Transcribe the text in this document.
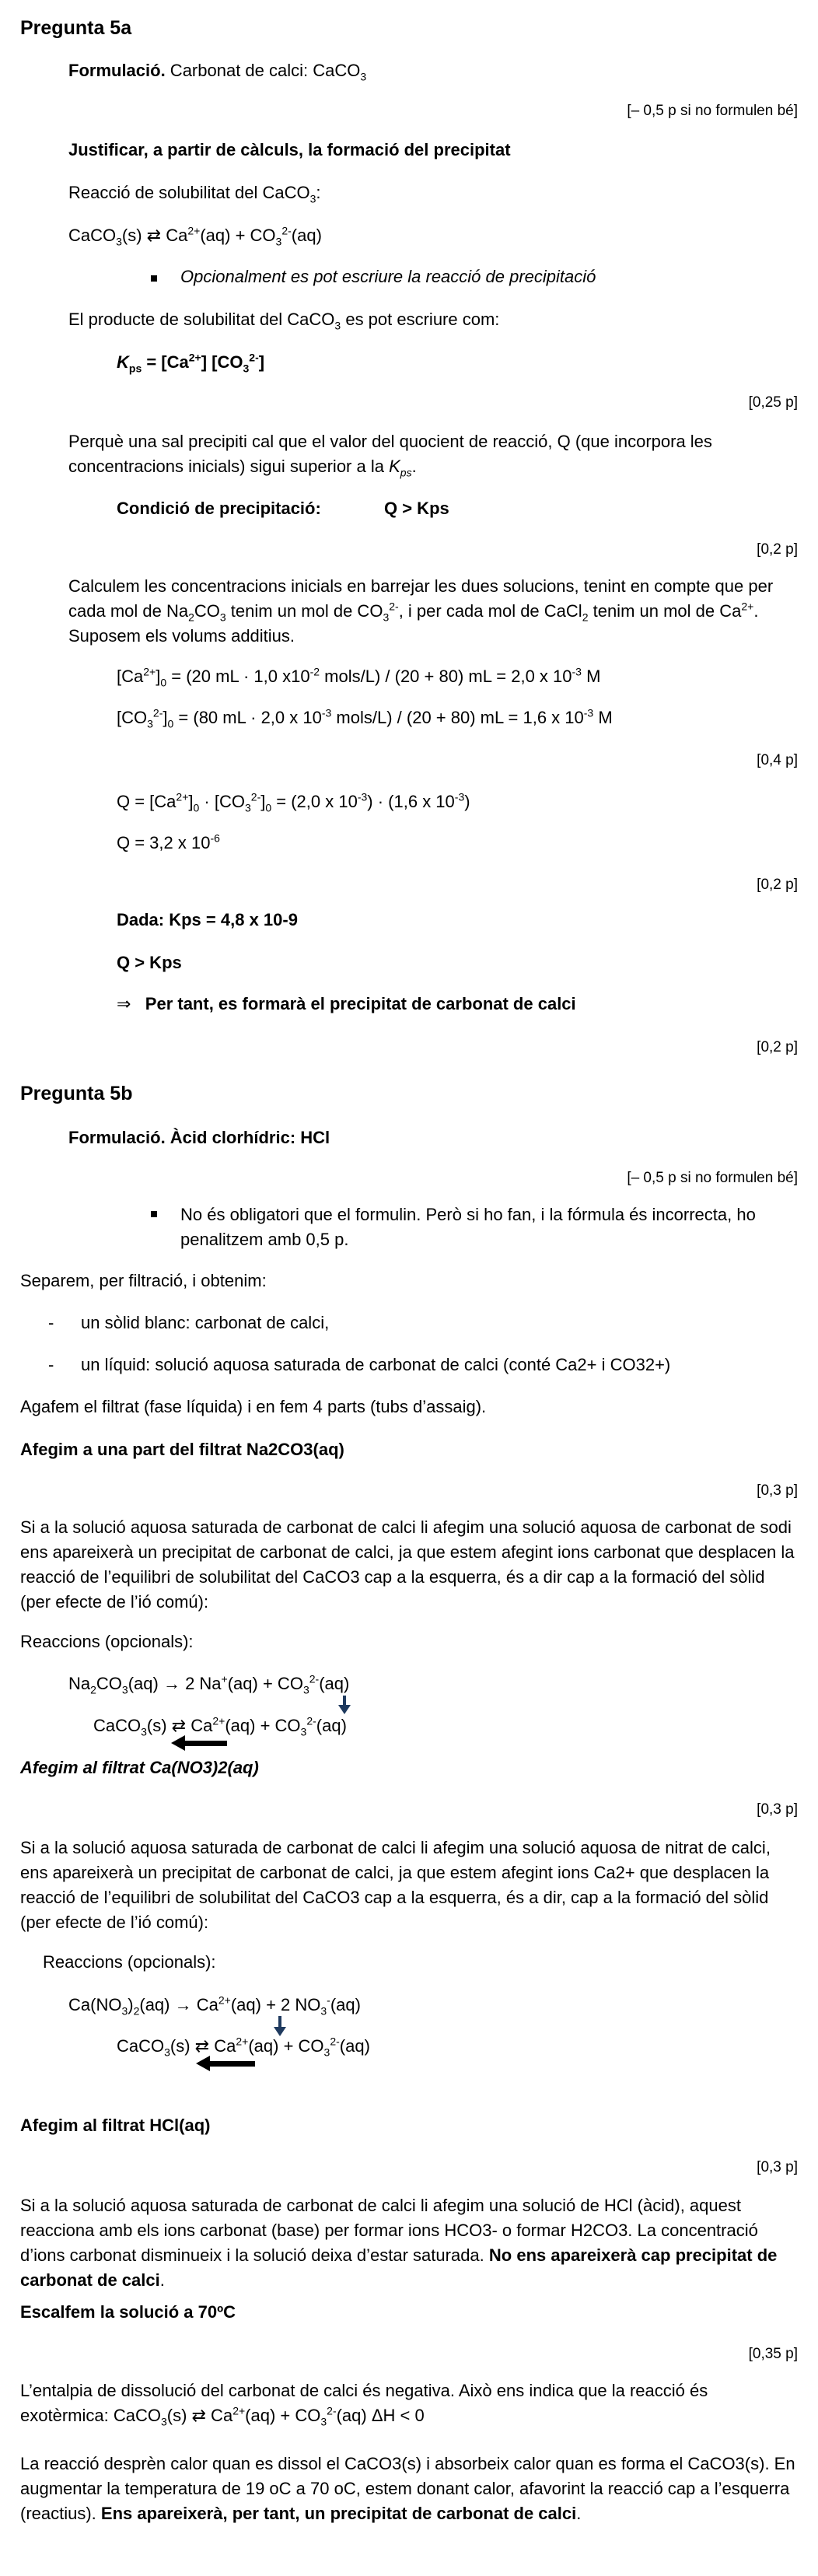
Pregunta 5a
Formulació. Carbonat de calci: CaCO$_3$
[– 0,5 p si no formulen bé]
Justificar, a partir de càlculs, la formació del precipitat
Reacció de solubilitat del CaCO$_3$:
CaCO$_3$(s) ⇄ $Ca^{2+}(aq) + CO_3^{2-}(aq)$
Opcionalment es pot escriure la reacció de precipitació
El producte de solubilitat del CaCO$_3$ es pot escriure com:
$K_{ps} = [Ca^{2+}]$ $[CO_3^{2-}]$
[0,25 p]
Perquè una sal precipiti cal que el valor del quocient de reacció, Q (que incorpora les concentracions inicials) sigui superior a la $K_{ps}$.
Condició de precipitació:	Q > Kps
[0,2 p]
Calculem les concentracions inicials en barrejar les dues solucions, tenint en compte que per cada mol de $Na_2CO_3$ tenim un mol de $CO_3^{2-}$, i per cada mol de CaCl$_2$ tenim un mol de $Ca^{2+}$. Suposem els volums additius.
$[Ca^{2+}]_0 = (20$ mL · 1,0 $x10^{-2}$ mols/L) / (20 + 80) mL = 2,0 x $10^{-3}$ M
$[CO_3^{2-}]_0 = (80$ mL · 2,0 x $10^{-3}$ mols/L) / (20 + 80) mL = 1,6 x $10^{-3}$ M
[0,4 p]
$Q = [Ca^{2+}]_0 \cdot [CO_3^{2-}]_0 = (2,0$ x $10^{-3}) \cdot (1,6$ x $10^{-3}$)
Q = 3,2 x $10^{-6}$
[0,2 p]
Dada: Kps = 4,8 x 10-9
Q > Kps
⇒ Per tant, es formarà el precipitat de carbonat de calci
[0,2 p]
Pregunta 5b
Formulació. Àcid clorhídric: HCl
[– 0,5 p si no formulen bé]
No és obligatori que el formulin. Però si ho fan, i la fórmula és incorrecta, ho penalitzem amb 0,5 p.
Separem, per filtració, i obtenim:
- un sòlid blanc: carbonat de calci,
- un líquid: solució aquosa saturada de carbonat de calci (conté Ca2+ i CO32+)
Agafem el filtrat (fase líquida) i en fem 4 parts (tubs d’assaig).
Afegim a una part del filtrat Na2CO3(aq)
[0,3 p]
Si a la solució aquosa saturada de carbonat de calci li afegim una solució aquosa de carbonat de sodi ens apareixerà un precipitat de carbonat de calci, ja que estem afegint ions carbonat que desplacen la reacció de l’equilibri de solubilitat del CaCO3 cap a la esquerra, és a dir cap a la formació del sòlid (per efecte de l’ió comú):
Reaccions (opcionals):
$Na_2CO_3(aq) \to 2$ $Na^+(aq) + CO_3^{2-}(aq)$
CaCO$_3$(s) ⇄ $Ca^{2+}(aq) + CO_3^{2-}(aq)$
Afegim al filtrat Ca(NO3)2(aq)
[0,3 p]
Si a la solució aquosa saturada de carbonat de calci li afegim una solució aquosa de nitrat de calci, ens apareixerà un precipitat de carbonat de calci, ja que estem afegint ions Ca2+ que desplacen la reacció de l’equilibri de solubilitat del CaCO3 cap a la esquerra, és a dir, cap a la formació del sòlid (per efecte de l’ió comú):
Reaccions (opcionals):
$Ca(NO_3)_2(aq) \to Ca^{2+}(aq) + 2$ $NO_3^-(aq)$
CaCO$_3$(s) ⇄ $Ca^{2+}(aq) + CO_3^{2-}(aq)$
Afegim al filtrat HCl(aq)
[0,3 p]
Si a la solució aquosa saturada de carbonat de calci li afegim una solució de HCl (àcid), aquest reacciona amb els ions carbonat (base) per formar ions HCO3- o formar H2CO3. La concentració d’ions carbonat disminueix i la solució deixa d’estar saturada. No ens apareixerà cap precipitat de carbonat de calci.
Escalfem la solució a 70ºC
[0,35 p]
L’entalpia de dissolució del carbonat de calci és negativa. Això ens indica que la reacció és exotèrmica: CaCO$_3$(s) ⇄ $Ca^{2+}(aq) + CO_3^{2-}(aq) \Delta H < 0$
La reacció desprèn calor quan es dissol el CaCO3(s) i absorbeix calor quan es forma el CaCO3(s). En augmentar la temperatura de 19 oC a 70 oC, estem donant calor, afavorint la reacció cap a l’esquerra (reactius). Ens apareixerà, per tant, un precipitat de carbonat de calci.
